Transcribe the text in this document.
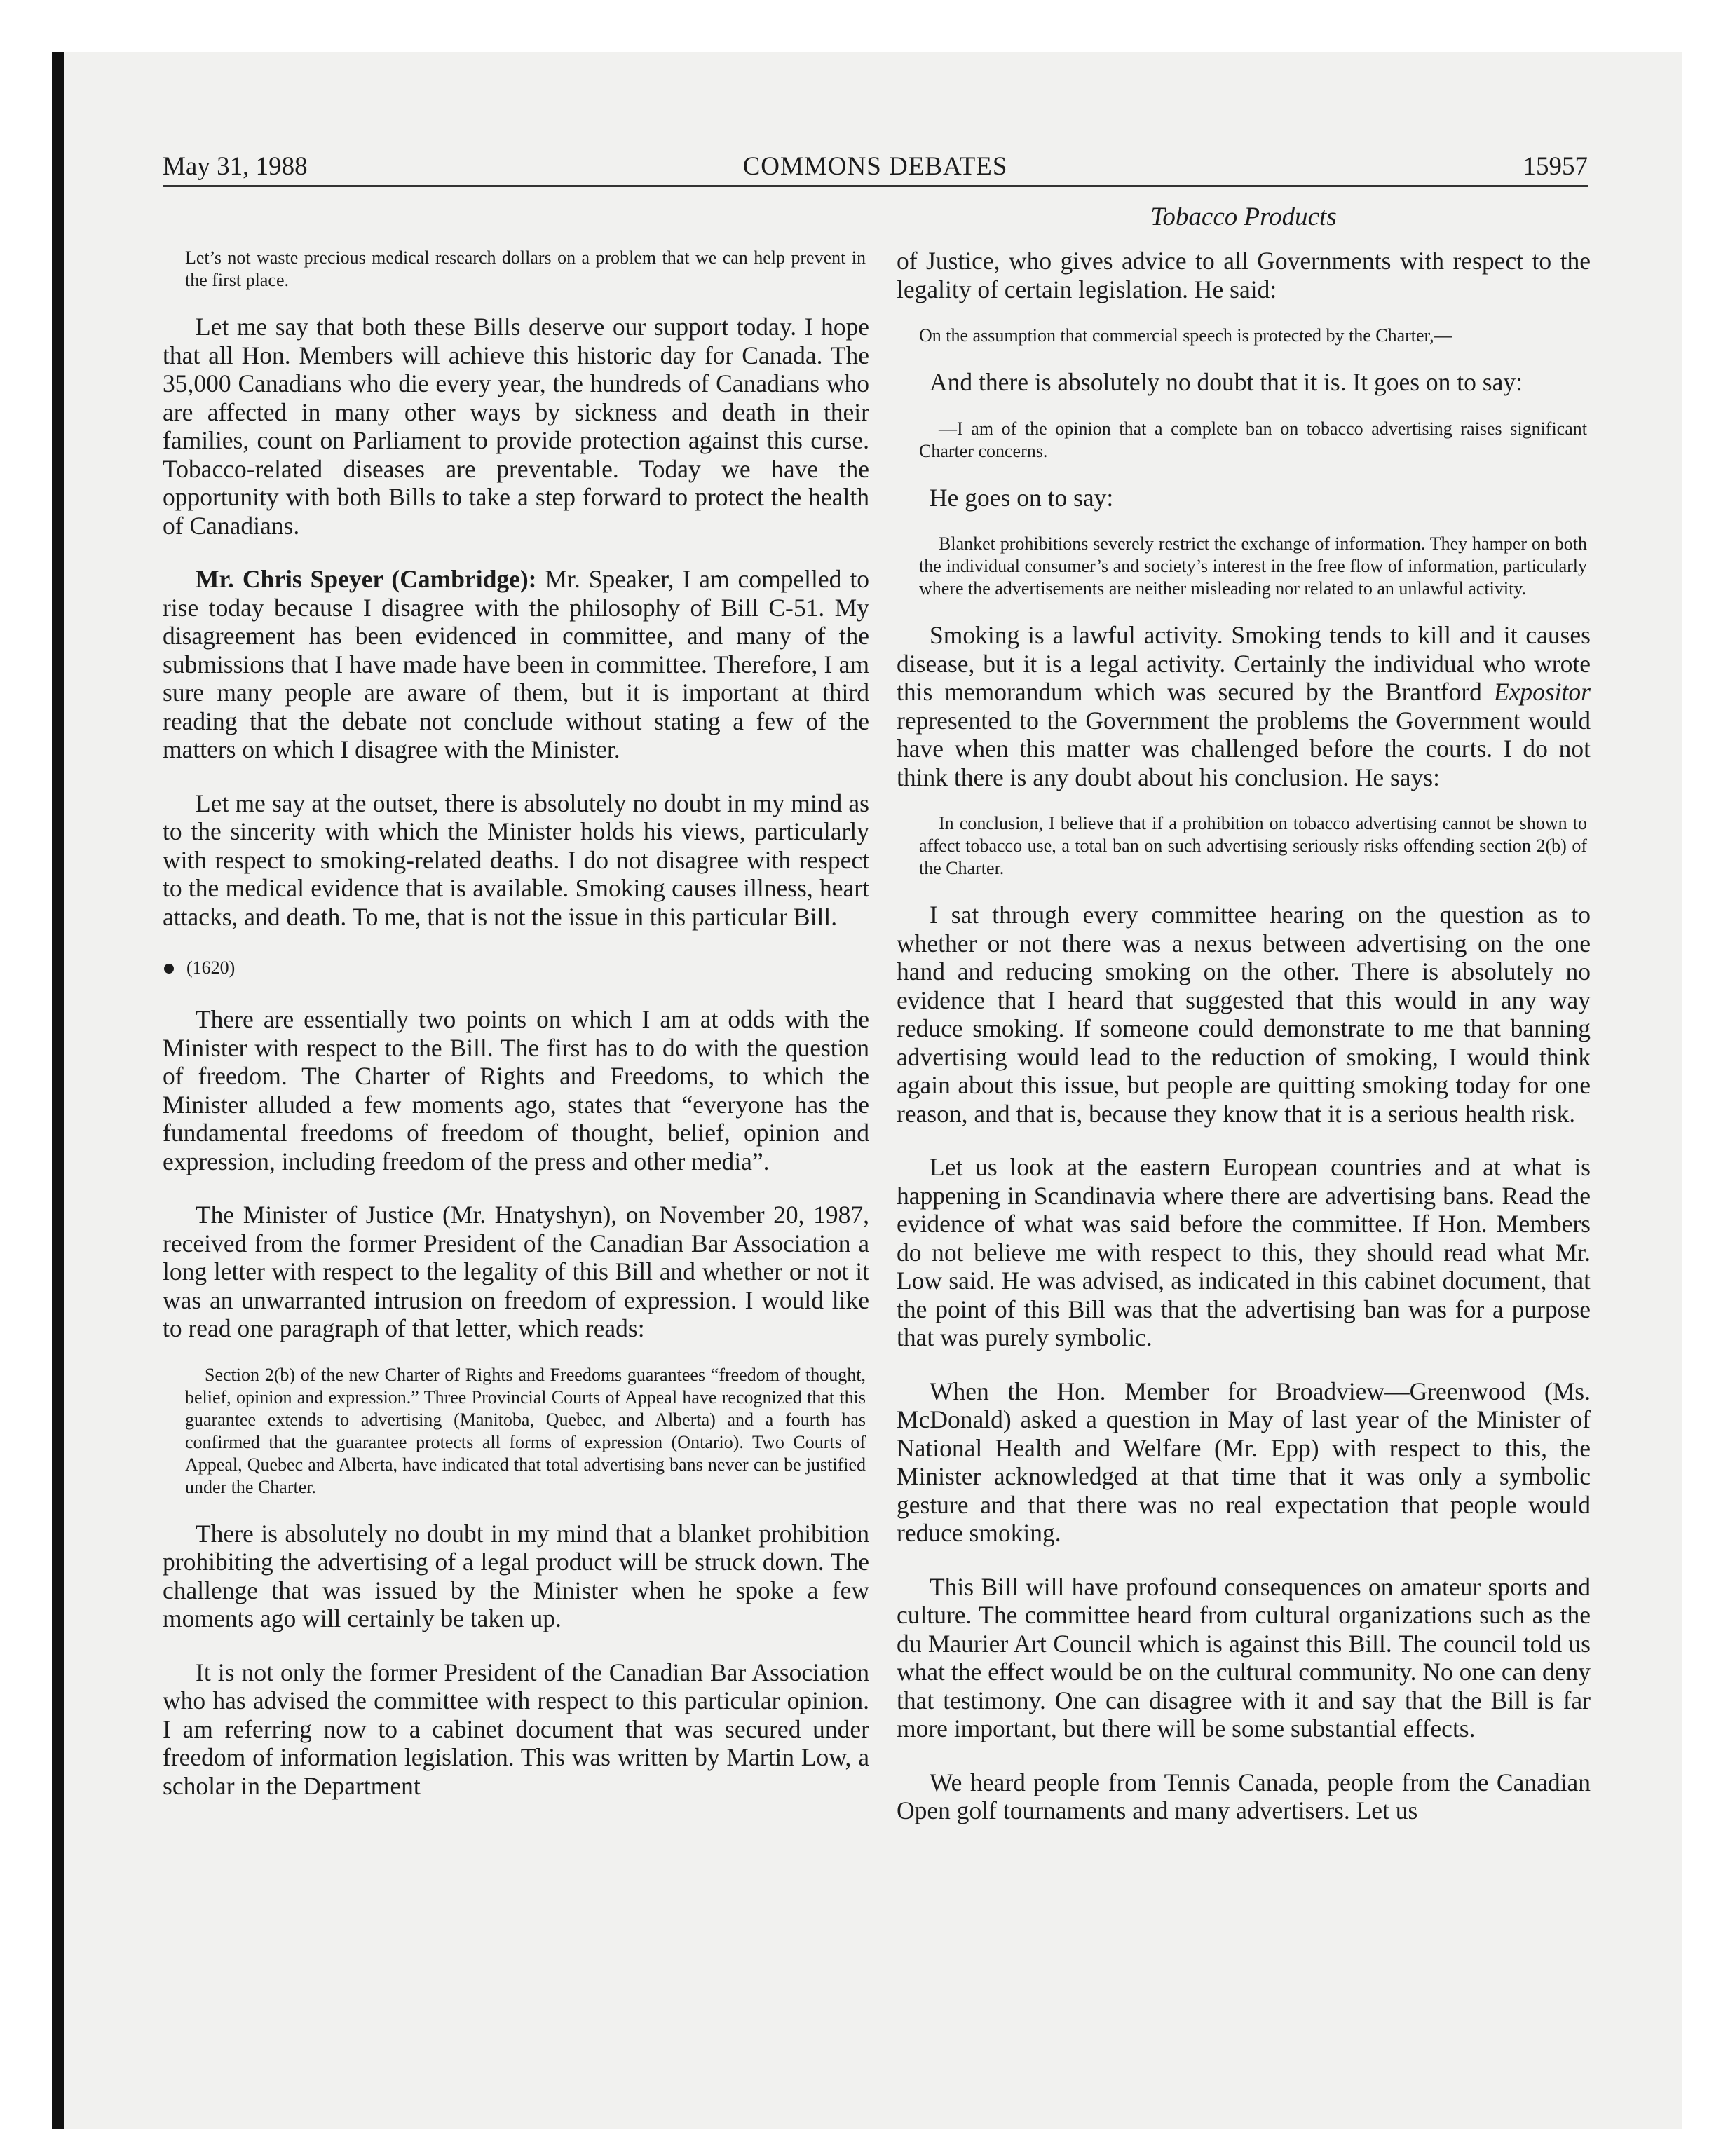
May 31, 1988	COMMONS DEBATES	15957
Tobacco Products

Let’s not waste precious medical research dollars on a problem that we can help prevent in the first place.

Let me say that both these Bills deserve our support today. I hope that all Hon. Members will achieve this historic day for Canada. The 35,000 Canadians who die every year, the hundreds of Canadians who are affected in many other ways by sickness and death in their families, count on Parliament to provide protection against this curse. Tobacco-related diseases are preventable. Today we have the opportunity with both Bills to take a step forward to protect the health of Canadians.

Mr. Chris Speyer (Cambridge): Mr. Speaker, I am compelled to rise today because I disagree with the philosophy of Bill C-51. My disagreement has been evidenced in committee, and many of the submissions that I have made have been in committee. Therefore, I am sure many people are aware of them, but it is important at third reading that the debate not conclude without stating a few of the matters on which I disagree with the Minister.

Let me say at the outset, there is absolutely no doubt in my mind as to the sincerity with which the Minister holds his views, particularly with respect to smoking-related deaths. I do not disagree with respect to the medical evidence that is available. Smoking causes illness, heart attacks, and death. To me, that is not the issue in this particular Bill.

(1620)

There are essentially two points on which I am at odds with the Minister with respect to the Bill. The first has to do with the question of freedom. The Charter of Rights and Freedoms, to which the Minister alluded a few moments ago, states that “everyone has the fundamental freedoms of freedom of thought, belief, opinion and expression, including freedom of the press and other media”.

The Minister of Justice (Mr. Hnatyshyn), on November 20, 1987, received from the former President of the Canadian Bar Association a long letter with respect to the legality of this Bill and whether or not it was an unwarranted intrusion on freedom of expression. I would like to read one paragraph of that letter, which reads:

Section 2(b) of the new Charter of Rights and Freedoms guarantees “freedom of thought, belief, opinion and expression.” Three Provincial Courts of Appeal have recognized that this guarantee extends to advertising (Manitoba, Quebec, and Alberta) and a fourth has confirmed that the guarantee protects all forms of expression (Ontario). Two Courts of Appeal, Quebec and Alberta, have indicated that total advertising bans never can be justified under the Charter.

There is absolutely no doubt in my mind that a blanket prohibition prohibiting the advertising of a legal product will be struck down. The challenge that was issued by the Minister when he spoke a few moments ago will certainly be taken up.

It is not only the former President of the Canadian Bar Association who has advised the committee with respect to this particular opinion. I am referring now to a cabinet document that was secured under freedom of information legislation. This was written by Martin Low, a scholar in the Department

of Justice, who gives advice to all Governments with respect to the legality of certain legislation. He said:

On the assumption that commercial speech is protected by the Charter,—

And there is absolutely no doubt that it is. It goes on to say:

—I am of the opinion that a complete ban on tobacco advertising raises significant Charter concerns.

He goes on to say:

Blanket prohibitions severely restrict the exchange of information. They hamper on both the individual consumer’s and society’s interest in the free flow of information, particularly where the advertisements are neither misleading nor related to an unlawful activity.

Smoking is a lawful activity. Smoking tends to kill and it causes disease, but it is a legal activity. Certainly the individual who wrote this memorandum which was secured by the Brantford Expositor represented to the Government the problems the Government would have when this matter was challenged before the courts. I do not think there is any doubt about his conclusion. He says:

In conclusion, I believe that if a prohibition on tobacco advertising cannot be shown to affect tobacco use, a total ban on such advertising seriously risks offending section 2(b) of the Charter.

I sat through every committee hearing on the question as to whether or not there was a nexus between advertising on the one hand and reducing smoking on the other. There is absolutely no evidence that I heard that suggested that this would in any way reduce smoking. If someone could demonstrate to me that banning advertising would lead to the reduction of smoking, I would think again about this issue, but people are quitting smoking today for one reason, and that is, because they know that it is a serious health risk.

Let us look at the eastern European countries and at what is happening in Scandinavia where there are advertising bans. Read the evidence of what was said before the committee. If Hon. Members do not believe me with respect to this, they should read what Mr. Low said. He was advised, as indicated in this cabinet document, that the point of this Bill was that the advertising ban was for a purpose that was purely symbolic.

When the Hon. Member for Broadview—Greenwood (Ms. McDonald) asked a question in May of last year of the Minister of National Health and Welfare (Mr. Epp) with respect to this, the Minister acknowledged at that time that it was only a symbolic gesture and that there was no real expectation that people would reduce smoking.

This Bill will have profound consequences on amateur sports and culture. The committee heard from cultural organizations such as the du Maurier Art Council which is against this Bill. The council told us what the effect would be on the cultural community. No one can deny that testimony. One can disagree with it and say that the Bill is far more important, but there will be some substantial effects.

We heard people from Tennis Canada, people from the Canadian Open golf tournaments and many advertisers. Let us
